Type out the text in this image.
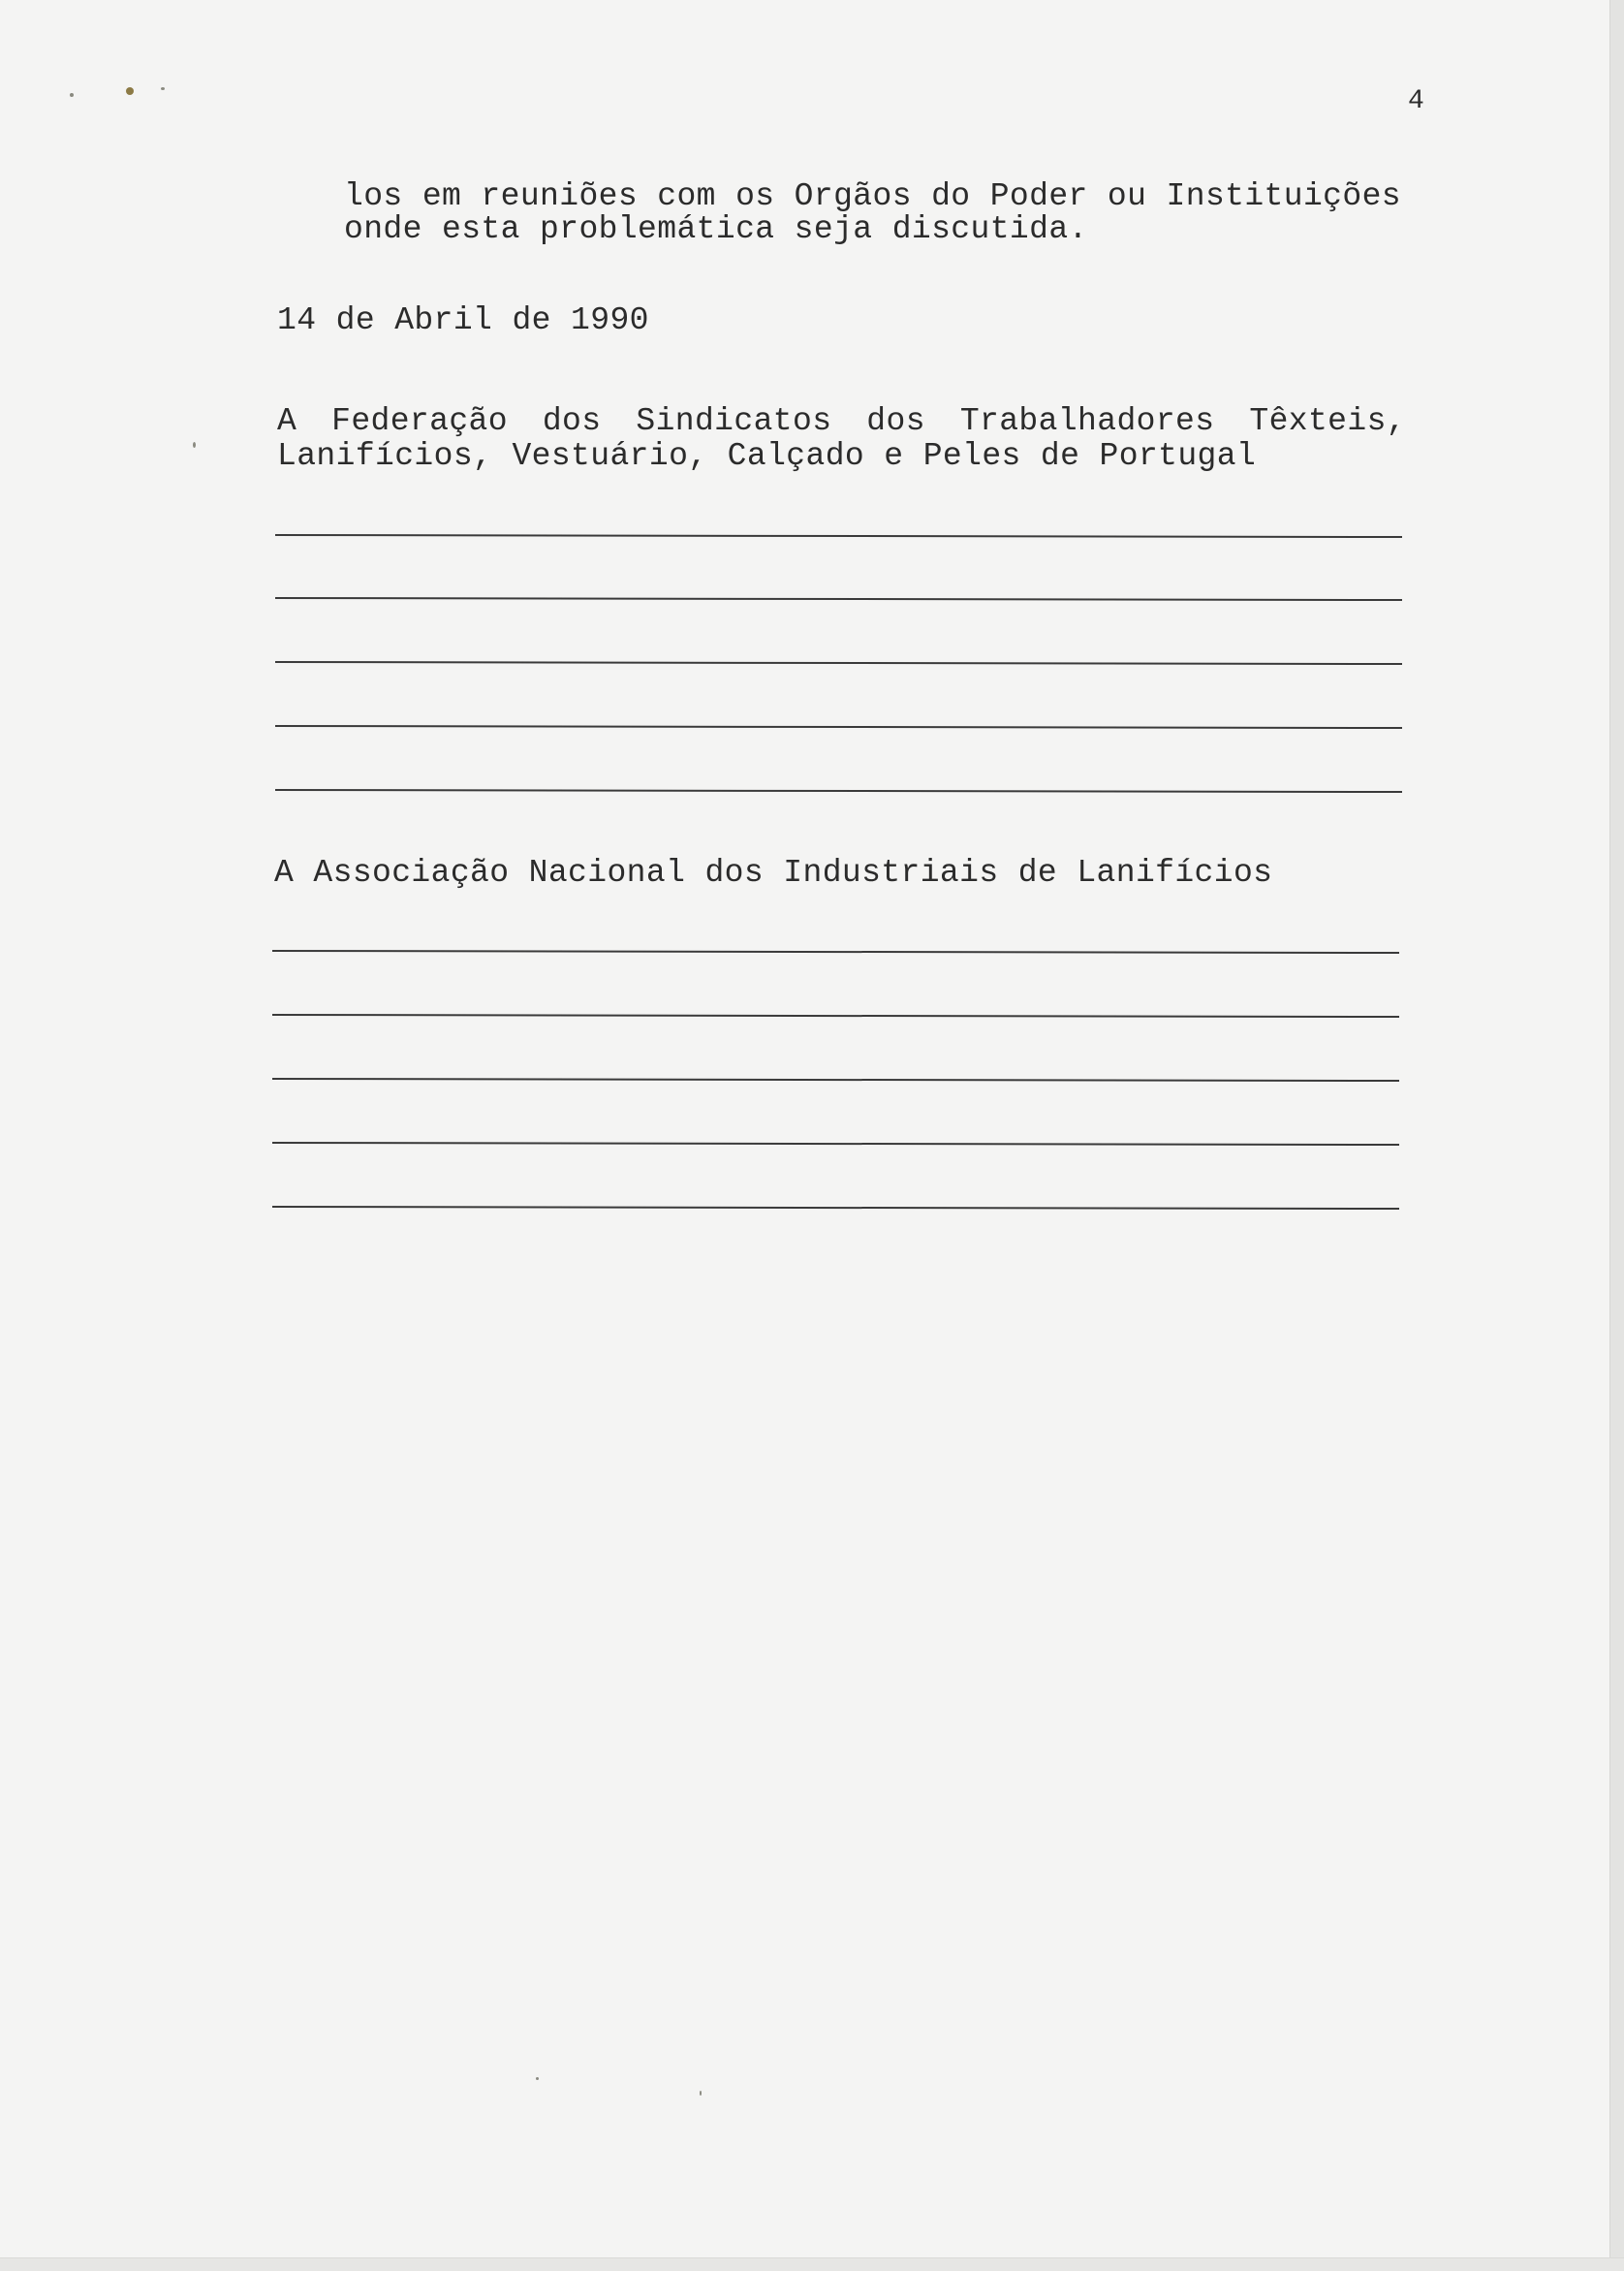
4
los em reuniões com os Orgãos do Poder ou Instituições
onde esta problemática seja discutida.
14 de Abril de 1990
A Federação dos Sindicatos dos Trabalhadores Têxteis,
Lanifícios, Vestuário, Calçado e Peles de Portugal
A Associação Nacional dos Industriais de Lanifícios
